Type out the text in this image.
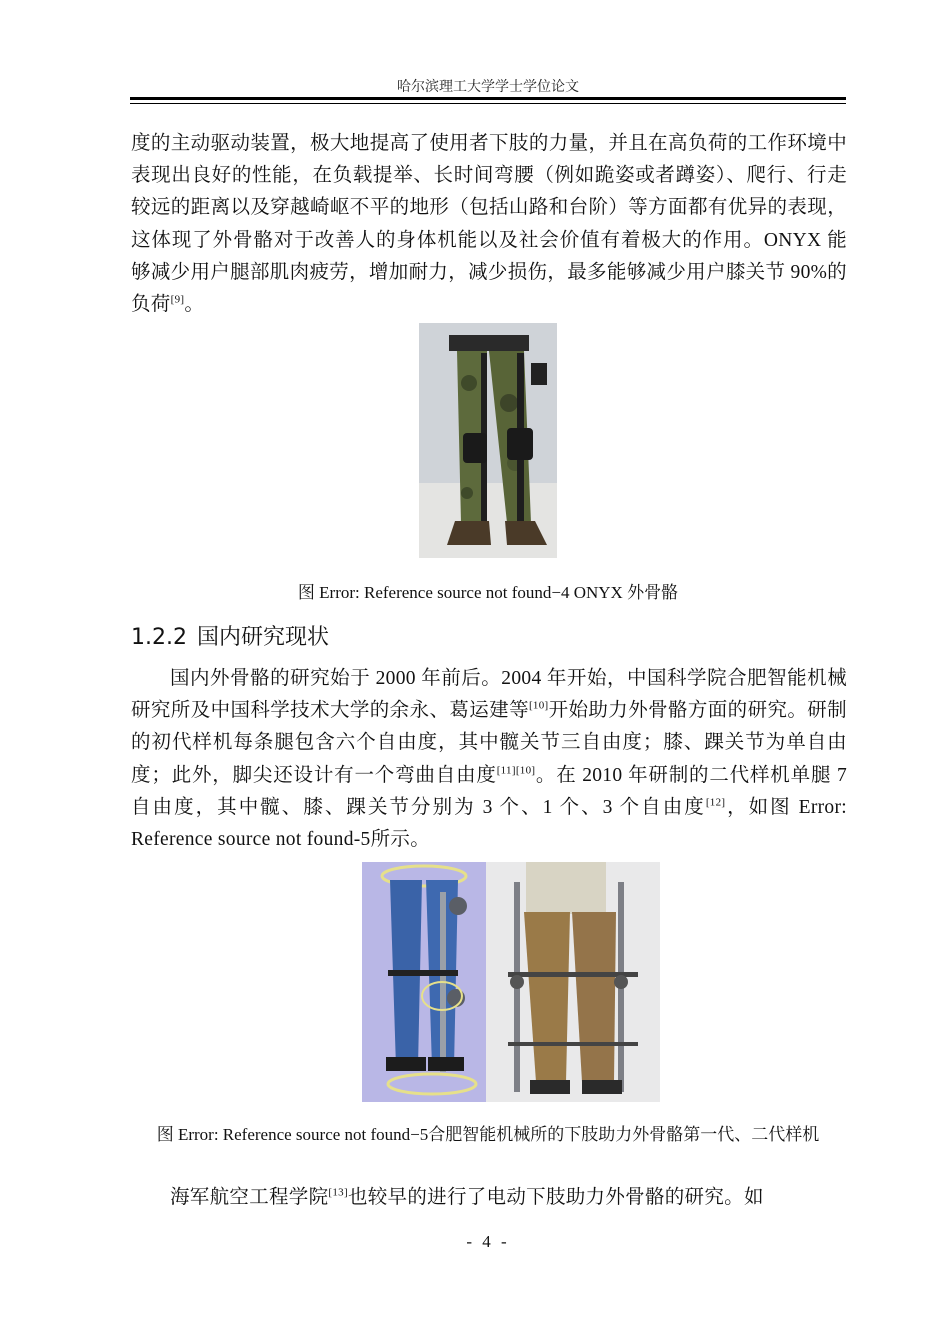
哈尔滨理工大学学士学位论文

度的主动驱动装置，极大地提高了使用者下肢的力量，并且在高负荷的工作环境中表现出良好的性能，在负载提举、长时间弯腰（例如跪姿或者蹲姿）、爬行、行走较远的距离以及穿越崎岖不平的地形（包括山路和台阶）等方面都有优异的表现，这体现了外骨骼对于改善人的身体机能以及社会价值有着极大的作用。ONYX 能够减少用户腿部肌肉疲劳，增加耐力，减少损伤，最多能够减少用户膝关节 90%的负荷[9]。

图 Error: Reference source not found−4 ONYX 外骨骼
1.2.2 国内研究现状

国内外骨骼的研究始于 2000 年前后。2004 年开始，中国科学院合肥智能机械研究所及中国科学技术大学的余永、葛运建等[10]开始助力外骨骼方面的研究。研制的初代样机每条腿包含六个自由度，其中髋关节三自由度；膝、踝关节为单自由度；此外，脚尖还设计有一个弯曲自由度[11][10]。在 2010 年研制的二代样机单腿 7 自由度，其中髋、膝、踝关节分别为 3 个、1 个、3 个自由度[12]，如图 Error: Reference source not found-5所示。

图 Error: Reference source not found−5合肥智能机械所的下肢助力外骨骼第一代、二代样机

海军航空工程学院[13]也较早的进行了电动下肢助力外骨骼的研究。如

- 4 -
